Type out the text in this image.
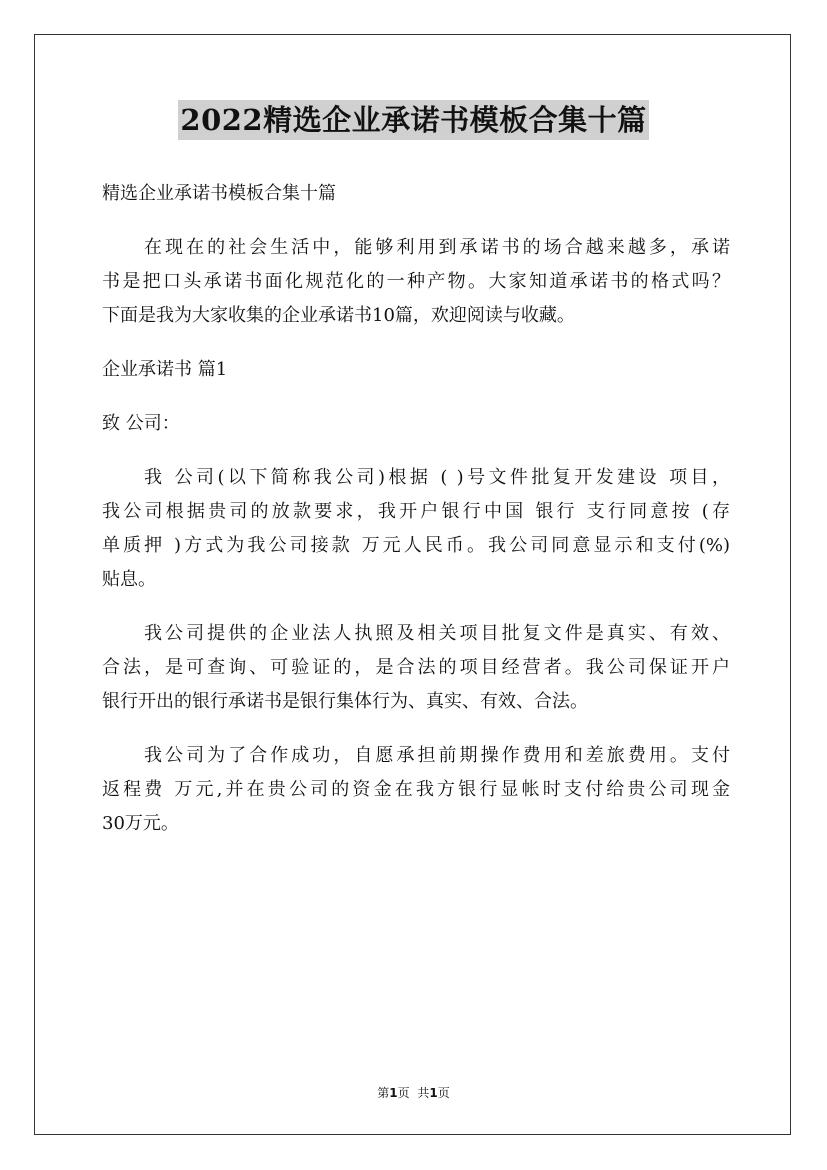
2022精选企业承诺书模板合集十篇
精选企业承诺书模板合集十篇
在现在的社会生活中，能够利用到承诺书的场合越来越多，承诺
书是把口头承诺书面化规范化的一种产物。大家知道承诺书的格式吗？
下面是我为大家收集的企业承诺书10篇，欢迎阅读与收藏。
企业承诺书 篇1
致 公司：
我 公司(以下简称我公司)根据 ( )号文件批复开发建设 项目，
我公司根据贵司的放款要求，我开户银行中国 银行 支行同意按 (存
单质押 )方式为我公司接款 万元人民币。我公司同意显示和支付(%)
贴息。
我公司提供的企业法人执照及相关项目批复文件是真实、有效、
合法，是可查询、可验证的，是合法的项目经营者。我公司保证开户
银行开出的银行承诺书是银行集体行为、真实、有效、合法。
我公司为了合作成功，自愿承担前期操作费用和差旅费用。支付
返程费 万元,并在贵公司的资金在我方银行显帐时支付给贵公司现金
30万元。
第1页 共1页
